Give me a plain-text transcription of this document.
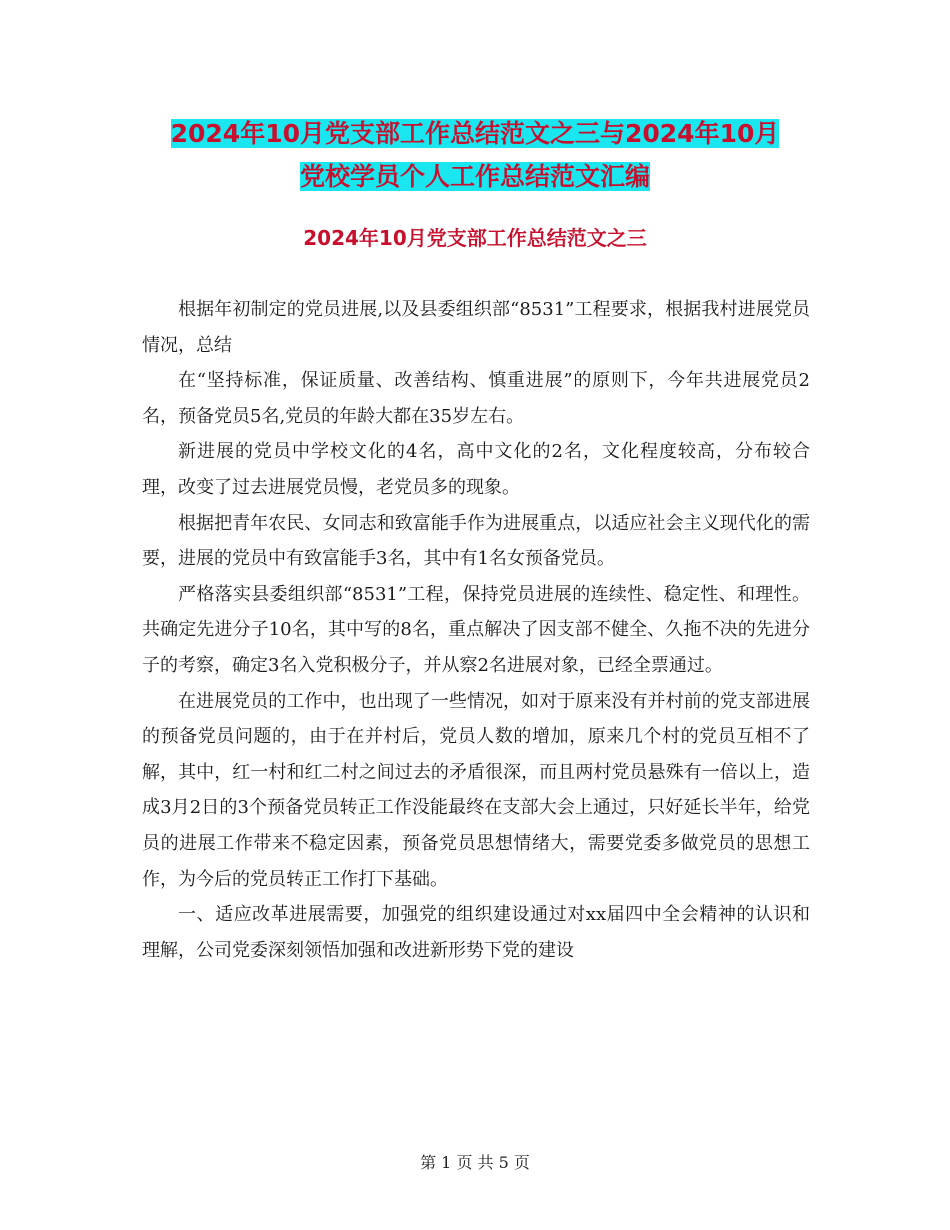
2024年10月党支部工作总结范文之三与2024年10月
党校学员个人工作总结范文汇编
2024年10月党支部工作总结范文之三

根据年初制定的党员进展,以及县委组织部“8531”工程要求，根据我村进展党员情况，总结

在“坚持标准，保证质量、改善结构、慎重进展”的原则下，今年共进展党员2名，预备党员5名,党员的年龄大都在35岁左右。

新进展的党员中学校文化的4名，高中文化的2名，文化程度较高，分布较合理，改变了过去进展党员慢，老党员多的现象。

根据把青年农民、女同志和致富能手作为进展重点，以适应社会主义现代化的需要，进展的党员中有致富能手3名，其中有1名女预备党员。

严格落实县委组织部“8531”工程，保持党员进展的连续性、稳定性、和理性。共确定先进分子10名，其中写的8名，重点解决了因支部不健全、久拖不决的先进分子的考察，确定3名入党积极分子，并从察2名进展对象，已经全票通过。

在进展党员的工作中，也出现了一些情况，如对于原来没有并村前的党支部进展的预备党员问题的，由于在并村后，党员人数的增加，原来几个村的党员互相不了解，其中，红一村和红二村之间过去的矛盾很深，而且两村党员悬殊有一倍以上，造成3月2日的3个预备党员转正工作没能最终在支部大会上通过，只好延长半年，给党员的进展工作带来不稳定因素，预备党员思想情绪大，需要党委多做党员的思想工作，为今后的党员转正工作打下基础。

一、适应改革进展需要，加强党的组织建设通过对xx届四中全会精神的认识和理解，公司党委深刻领悟加强和改进新形势下党的建设

第 1 页 共 5 页
